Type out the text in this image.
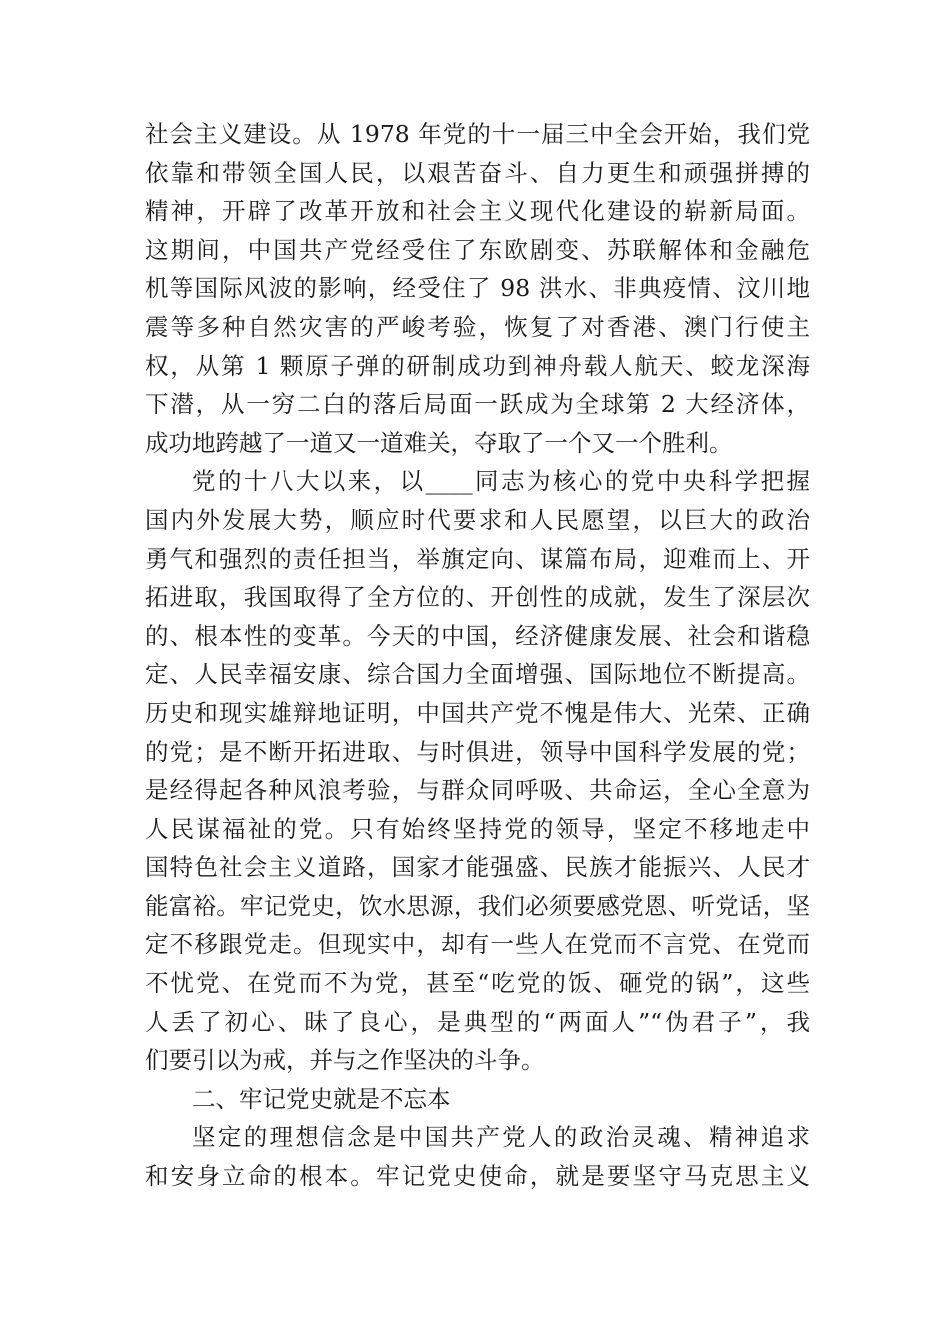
社会主义建设。从 1978 年党的十一届三中全会开始，我们党
依靠和带领全国人民，以艰苦奋斗、自力更生和顽强拼搏的
精神，开辟了改革开放和社会主义现代化建设的崭新局面。
这期间，中国共产党经受住了东欧剧变、苏联解体和金融危
机等国际风波的影响，经受住了 98 洪水、非典疫情、汶川地
震等多种自然灾害的严峻考验，恢复了对香港、澳门行使主
权，从第 1 颗原子弹的研制成功到神舟载人航天、蛟龙深海
下潜，从一穷二白的落后局面一跃成为全球第 2 大经济体，
成功地跨越了一道又一道难关，夺取了一个又一个胜利。
党的十八大以来，以____同志为核心的党中央科学把握
国内外发展大势，顺应时代要求和人民愿望，以巨大的政治
勇气和强烈的责任担当，举旗定向、谋篇布局，迎难而上、开
拓进取，我国取得了全方位的、开创性的成就，发生了深层次
的、根本性的变革。今天的中国，经济健康发展、社会和谐稳
定、人民幸福安康、综合国力全面增强、国际地位不断提高。
历史和现实雄辩地证明，中国共产党不愧是伟大、光荣、正确
的党；是不断开拓进取、与时俱进，领导中国科学发展的党；
是经得起各种风浪考验，与群众同呼吸、共命运，全心全意为
人民谋福祉的党。只有始终坚持党的领导，坚定不移地走中
国特色社会主义道路，国家才能强盛、民族才能振兴、人民才
能富裕。牢记党史，饮水思源，我们必须要感党恩、听党话，坚
定不移跟党走。但现实中，却有一些人在党而不言党、在党而
不忧党、在党而不为党，甚至“吃党的饭、砸党的锅”，这些
人丢了初心、昧了良心，是典型的“两面人”“伪君子”，我
们要引以为戒，并与之作坚决的斗争。
二、牢记党史就是不忘本
坚定的理想信念是中国共产党人的政治灵魂、精神追求
和安身立命的根本。牢记党史使命，就是要坚守马克思主义
